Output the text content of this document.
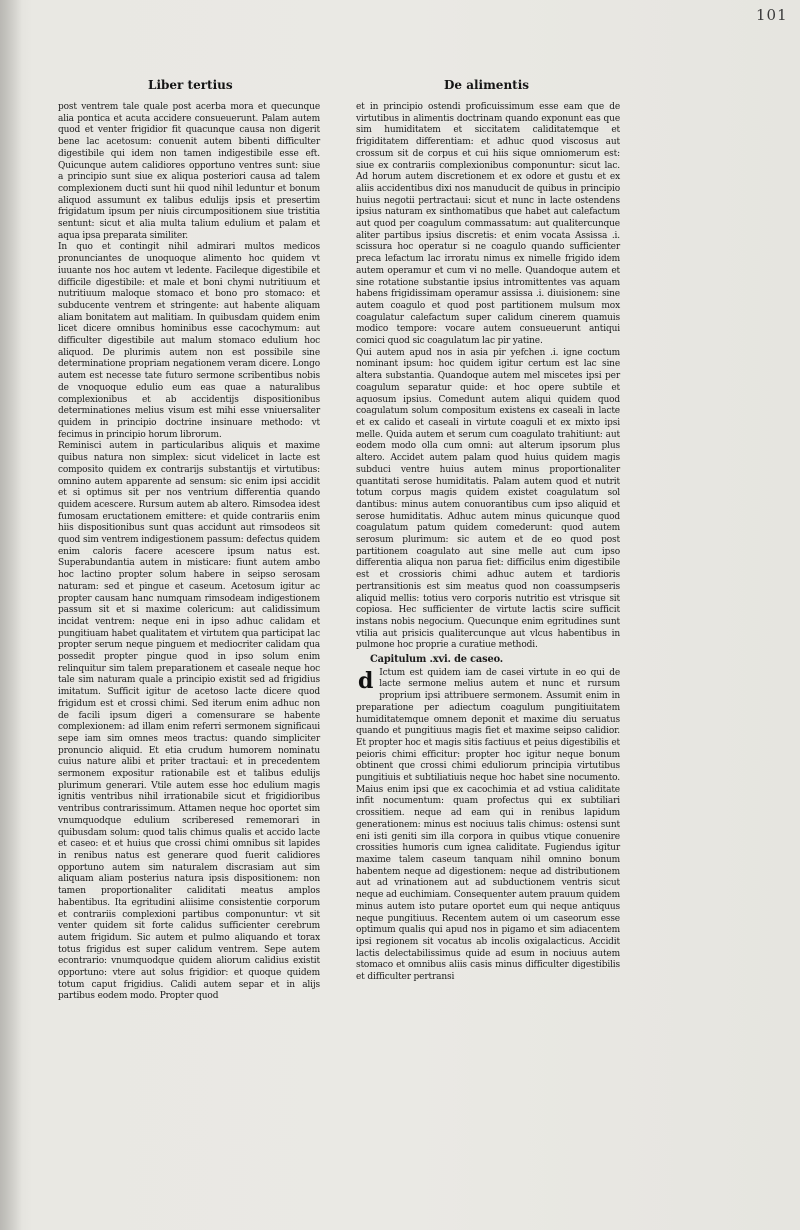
101
Liber tertius	De alimentis

post ventrem tale quale post acerba mora et quecunque alia pontica et acuta accidere consueuerunt. Palam autem quod et venter frigidior fit quacunque causa non digerit bene lac acetosum: conuenit autem bibenti difficulter digestibile qui idem non tamen indigestibile esse eft. Quicunque autem calidiores opportuno ventres sunt: siue a principio sunt siue ex aliqua posteriori causa ad talem complexionem ducti sunt hii quod nihil leduntur et bonum aliquod assumunt ex talibus edulijs ipsis et presertim frigidatum ipsum per niuis circumpositionem siue tristitia sentunt: sicut et alia multa talium edulium et palam et aqua ipsa preparata similiter.

In quo et contingit nihil admirari multos medicos pronunciantes de unoquoque alimento hoc quidem vt iuuante nos hoc autem vt ledente. Facileque digestibile et difficile digestibile: et male et boni chymi nutritiuum et nutritiuum maloque stomaco et bono pro stomaco: et subducente ventrem et stringente: aut habente aliquam aliam bonitatem aut malitiam. In quibusdam quidem enim licet dicere omnibus hominibus esse cacochymum: aut difficulter digestibile aut malum stomaco edulium hoc aliquod. De plurimis autem non est possibile sine determinatione propriam negationem veram dicere. Longo autem est necesse tate futuro sermone scribentibus nobis de vnoquoque edulio eum eas quae a naturalibus complexionibus et ab accidentijs dispositionibus determinationes melius visum est mihi esse vniuersaliter quidem in principio doctrine insinuare methodo: vt fecimus in principio horum librorum.

Reminisci autem in particularibus aliquis et maxime quibus natura non simplex: sicut videlicet in lacte est composito quidem ex contrarijs substantijs et virtutibus: omnino autem apparente ad sensum: sic enim ipsi accidit et si optimus sit per nos ventrium differentia quando quidem acescere. Rursum autem ab altero. Rimsodea idest fumosam eructationem emittere: et quide contrariis enim hiis dispositionibus sunt quas accidunt aut rimsodeos sit quod sim ventrem indigestionem passum: defectus quidem enim caloris facere acescere ipsum natus est. Superabundantia autem in misticare: fiunt autem ambo hoc lactino propter solum habere in seipso serosam naturam: sed et pingue et caseum. Acetosum igitur ac propter causam hanc numquam rimsodeam indigestionem passum sit et si maxime colericum: aut calidissimum incidat ventrem: neque eni in ipso adhuc calidam et pungitiuam habet qualitatem et virtutem qua participat lac propter serum neque pinguem et mediocriter calidam qua possedit propter pingue quod in ipso solum enim relinquitur sim talem preparationem et caseale neque hoc tale sim naturam quale a principio existit sed ad frigidius imitatum. Sufficit igitur de acetoso lacte dicere quod frigidum est et crossi chimi. Sed iterum enim adhuc non de facili ipsum digeri a comensurare se habente complexionem: ad illam enim referri sermonem significaui sepe iam sim omnes meos tractus: quando simpliciter pronuncio aliquid. Et etia crudum humorem nominatu cuius nature alibi et priter tractaui: et in precedentem sermonem expositur rationabile est et talibus edulijs plurimum generari. Vtile autem esse hoc edulium magis ignitis ventribus nihil irrationabile sicut et frigidioribus ventribus contrarissimum. Attamen neque hoc oportet sim vnumquodque edulium scriberesed rememorari in quibusdam solum: quod talis chimus qualis et accido lacte et caseo: et et huius que crossi chimi omnibus sit lapides in renibus natus est generare quod fuerit calidiores opportuno autem sim naturalem discrasiam aut sim aliquam aliam posterius natura ipsis dispositionem: non tamen proportionaliter caliditati meatus amplos habentibus. Ita egritudini aliisime consistentie corporum et contrariis complexioni partibus componuntur: vt sit venter quidem sit forte calidus sufficienter cerebrum autem frigidum. Sic autem et pulmo aliquando et torax totus frigidus est super calidum ventrem. Sepe autem econtrario: vnumquodque quidem aliorum calidius existit opportuno: vtere aut solus frigidior: et quoque quidem totum caput frigidius. Calidi autem separ et in alijs partibus eodem modo. Propter quod

et in principio ostendi proficuissimum esse eam que de virtutibus in alimentis doctrinam quando exponunt eas que sim humiditatem et siccitatem caliditatemque et frigiditatem differentiam: et adhuc quod viscosus aut crossum sit de corpus et cui hiis sique omniomerum est: siue ex contrariis complexionibus componuntur: sicut lac. Ad horum autem discretionem et ex odore et gustu et ex aliis accidentibus dixi nos manuducit de quibus in principio huius negotii pertractaui: sicut et nunc in lacte ostendens ipsius naturam ex sinthomatibus que habet aut calefactum aut quod per coagulum commassatum: aut qualitercunque aliter partibus ipsius discretis: et enim vocata Assissa .i. scissura hoc operatur si ne coagulo quando sufficienter preca lefactum lac irroratu nimus ex nimelle frigido idem autem operamur et cum vi no melle. Quandoque autem et sine rotatione substantie ipsius intromittentes vas aquam habens frigidissimam operamur assissa .i. diuisionem: sine autem coagulo et quod post partitionem mulsum mox coagulatur calefactum super calidum cinerem quamuis modico tempore: vocare autem consueuerunt antiqui comici quod sic coagulatum lac pir yatine.

Qui autem apud nos in asia pir yefchen .i. igne coctum nominant ipsum: hoc quidem igitur certum est lac sine altera substantia. Quandoque autem mel miscetes ipsi per coagulum separatur quide: et hoc opere subtile et aquosum ipsius. Comedunt autem aliqui quidem quod coagulatum solum compositum existens ex caseali in lacte et ex calido et caseali in virtute coaguli et ex mixto ipsi melle. Quida autem et serum cum coagulato trahitiunt: aut eodem modo olla cum omni: aut alterum ipsorum plus altero. Accidet autem palam quod huius quidem magis subduci ventre huius autem minus proportionaliter quantitati serose humiditatis. Palam autem quod et nutrit totum corpus magis quidem existet coagulatum sol dantibus: minus autem conuorantibus cum ipso aliquid et serose humiditatis. Adhuc autem minus quicunque quod coagulatum patum quidem comederunt: quod autem serosum plurimum: sic autem et de eo quod post partitionem coagulato aut sine melle aut cum ipso differentia aliqua non parua fiet: difficilus enim digestibile est et crossioris chimi adhuc autem et tardioris pertransitionis est sim meatus quod non coassumpseris aliquid mellis: totius vero corporis nutritio est vtrisque sit copiosa. Hec sufficienter de virtute lactis scire sufficit instans nobis negocium. Quecunque enim egritudines sunt vtilia aut prisicis qualitercunque aut vlcus habentibus in pulmone hoc proprie a curatiue methodi.

Capitulum .xvi. de caseo.

d Ictum est quidem iam de casei virtute in eo qui de lacte sermone melius autem et nunc et rursum proprium ipsi attribuere sermonem. Assumit enim in preparatione per adiectum coagulum pungitiuitatem humiditatemque omnem deponit et maxime diu seruatus quando et pungitiuus magis fiet et maxime seipso calidior. Et propter hoc et magis sitis factiuus et peius digestibilis et peioris chimi efficitur: propter hoc igitur neque bonum obtinent que crossi chimi eduliorum principia virtutibus pungitiuis et subtiliatiuis neque hoc habet sine nocumento. Maius enim ipsi que ex cacochimia et ad vstiua caliditate infit nocumentum: quam profectus qui ex subtiliari crossitiem. neque ad eam qui in renibus lapidum generationem: minus est nociuus talis chimus: ostensi sunt eni isti geniti sim illa corpora in quibus vtique conuenire crossities humoris cum ignea caliditate. Fugiendus igitur maxime talem caseum tanquam nihil omnino bonum habentem neque ad digestionem: neque ad distributionem aut ad vrinationem aut ad subductionem ventris sicut neque ad euchimiam. Consequenter autem prauum quidem minus autem isto putare oportet eum qui neque antiquus neque pungitiuus. Recentem autem oi um caseorum esse optimum qualis qui apud nos in pigamo et sim adiacentem ipsi regionem sit vocatus ab incolis oxigalacticus. Accidit lactis delectabilissimus quide ad esum in nociuus autem stomaco et omnibus aliis casis minus difficulter digestibilis et difficulter pertransi
